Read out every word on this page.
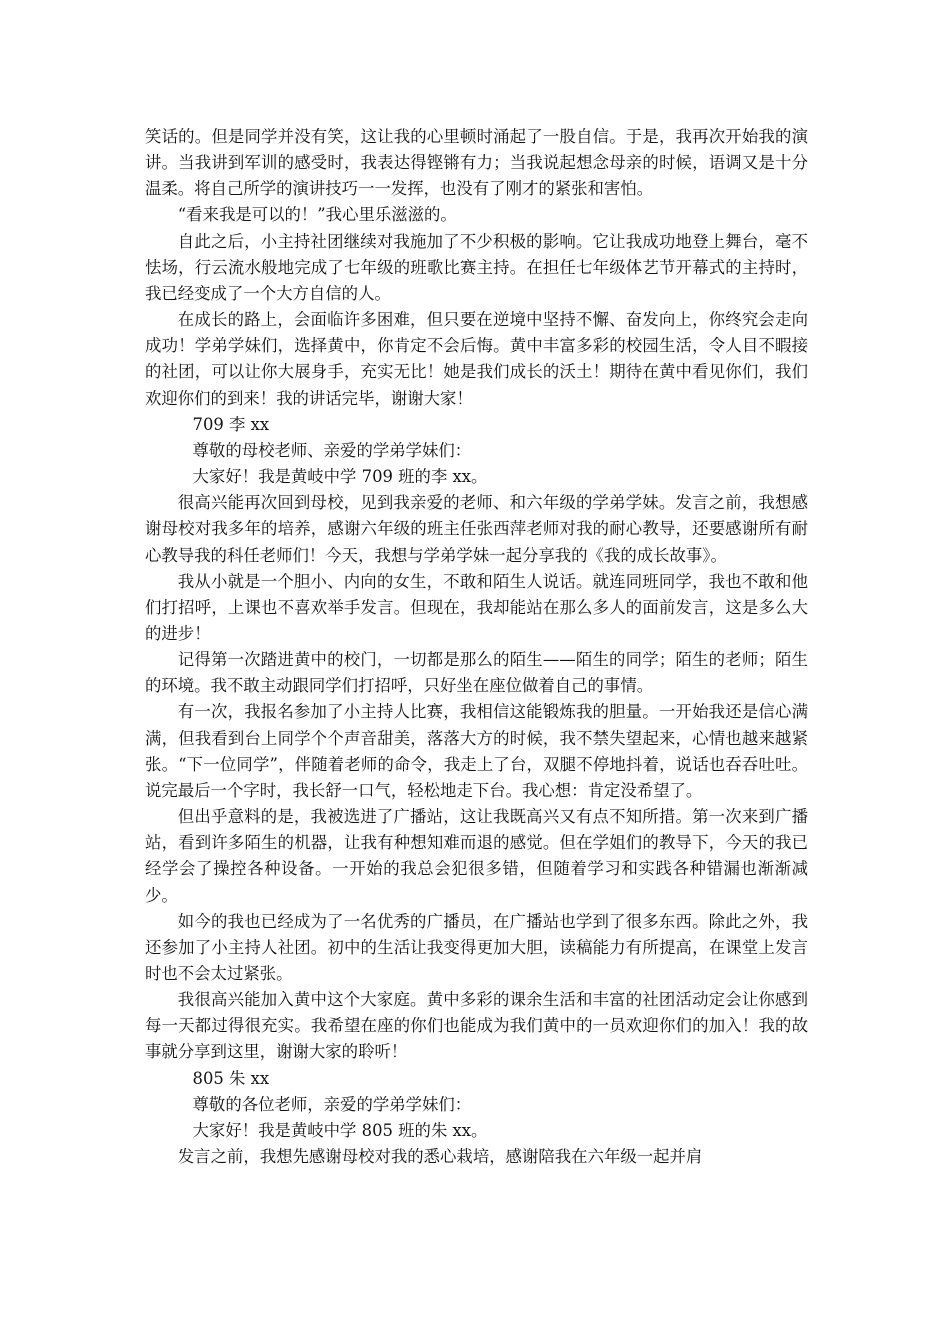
笑话的。但是同学并没有笑，这让我的心里顿时涌起了一股自信。于是，我再次开始我的演讲。当我讲到军训的感受时，我表达得铿锵有力；当我说起想念母亲的时候，语调又是十分温柔。将自己所学的演讲技巧一一发挥，也没有了刚才的紧张和害怕。

“看来我是可以的！”我心里乐滋滋的。

自此之后，小主持社团继续对我施加了不少积极的影响。它让我成功地登上舞台，毫不怯场，行云流水般地完成了七年级的班歌比赛主持。在担任七年级体艺节开幕式的主持时，我已经变成了一个大方自信的人。

在成长的路上，会面临许多困难，但只要在逆境中坚持不懈、奋发向上，你终究会走向成功！学弟学妹们，选择黄中，你肯定不会后悔。黄中丰富多彩的校园生活，令人目不暇接的社团，可以让你大展身手，充实无比！她是我们成长的沃土！期待在黄中看见你们，我们欢迎你们的到来！我的讲话完毕，谢谢大家！

709 李 xx

尊敬的母校老师、亲爱的学弟学妹们：

大家好！我是黄岐中学 709 班的李 xx。

很高兴能再次回到母校，见到我亲爱的老师、和六年级的学弟学妹。发言之前，我想感谢母校对我多年的培养，感谢六年级的班主任张西萍老师对我的耐心教导，还要感谢所有耐心教导我的科任老师们！今天，我想与学弟学妹一起分享我的《我的成长故事》。

我从小就是一个胆小、内向的女生，不敢和陌生人说话。就连同班同学，我也不敢和他们打招呼，上课也不喜欢举手发言。但现在，我却能站在那么多人的面前发言，这是多么大的进步！

记得第一次踏进黄中的校门，一切都是那么的陌生——陌生的同学；陌生的老师；陌生的环境。我不敢主动跟同学们打招呼，只好坐在座位做着自己的事情。

有一次，我报名参加了小主持人比赛，我相信这能锻炼我的胆量。一开始我还是信心满满，但我看到台上同学个个声音甜美，落落大方的时候，我不禁失望起来，心情也越来越紧张。“下一位同学”，伴随着老师的命令，我走上了台，双腿不停地抖着，说话也吞吞吐吐。说完最后一个字时，我长舒一口气，轻松地走下台。我心想：肯定没希望了。

但出乎意料的是，我被选进了广播站，这让我既高兴又有点不知所措。第一次来到广播站，看到许多陌生的机器，让我有种想知难而退的感觉。但在学姐们的教导下，今天的我已经学会了操控各种设备。一开始的我总会犯很多错，但随着学习和实践各种错漏也渐渐减少。

如今的我也已经成为了一名优秀的广播员，在广播站也学到了很多东西。除此之外，我还参加了小主持人社团。初中的生活让我变得更加大胆，读稿能力有所提高，在课堂上发言时也不会太过紧张。

我很高兴能加入黄中这个大家庭。黄中多彩的课余生活和丰富的社团活动定会让你感到每一天都过得很充实。我希望在座的你们也能成为我们黄中的一员欢迎你们的加入！我的故事就分享到这里，谢谢大家的聆听！

805 朱 xx

尊敬的各位老师，亲爱的学弟学妹们：

大家好！我是黄岐中学 805 班的朱 xx。

发言之前，我想先感谢母校对我的悉心栽培，感谢陪我在六年级一起并肩
